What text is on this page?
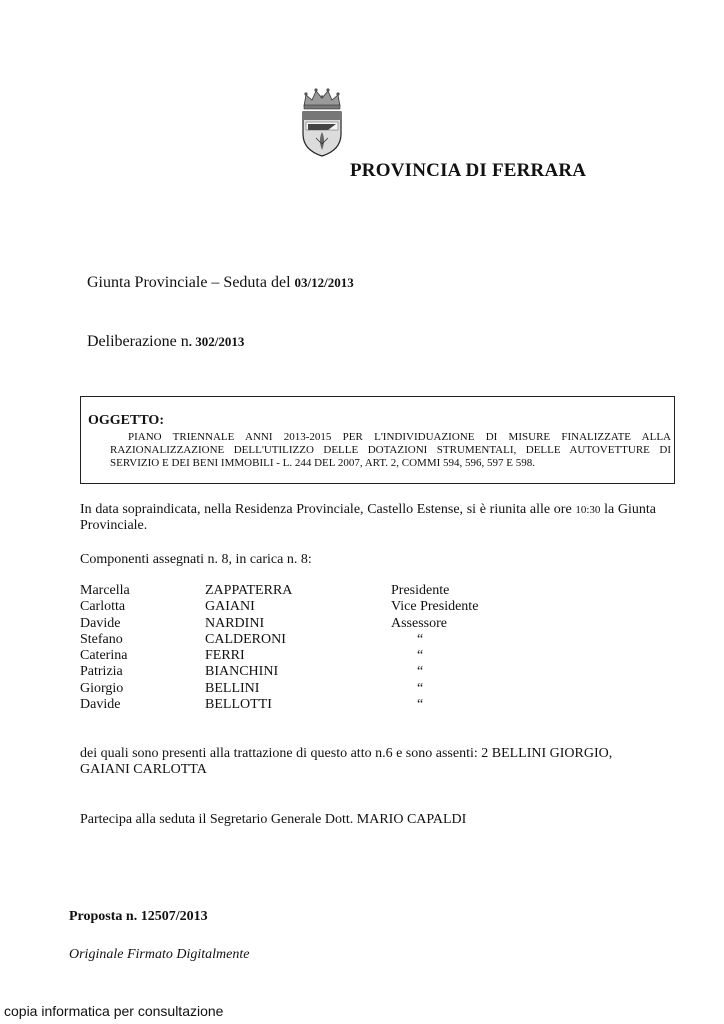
PROVINCIA DI FERRARA
Giunta Provinciale – Seduta del 03/12/2013
Deliberazione n. 302/2013
OGGETTO:
PIANO TRIENNALE ANNI 2013-2015 PER L'INDIVIDUAZIONE DI MISURE FINALIZZATE ALLA RAZIONALIZZAZIONE DELL'UTILIZZO DELLE DOTAZIONI STRUMENTALI, DELLE AUTOVETTURE DI SERVIZIO E DEI BENI IMMOBILI - L. 244 DEL 2007, ART. 2, COMMI 594, 596, 597 E 598.
In data sopraindicata, nella Residenza Provinciale, Castello Estense, si è riunita alle ore 10:30 la Giunta Provinciale.
Componenti assegnati n. 8, in carica n. 8:
Marcella	ZAPPATERRA	Presidente
Carlotta	GAIANI	Vice Presidente
Davide	NARDINI	Assessore
Stefano	CALDERONI	“
Caterina	FERRI	“
Patrizia	BIANCHINI	“
Giorgio	BELLINI	“
Davide	BELLOTTI	“
dei quali sono presenti alla trattazione di questo atto n.6 e sono assenti: 2 BELLINI GIORGIO, GAIANI CARLOTTA
Partecipa alla seduta il Segretario Generale Dott. MARIO CAPALDI
Proposta n. 12507/2013
Originale Firmato Digitalmente
copia informatica per consultazione
